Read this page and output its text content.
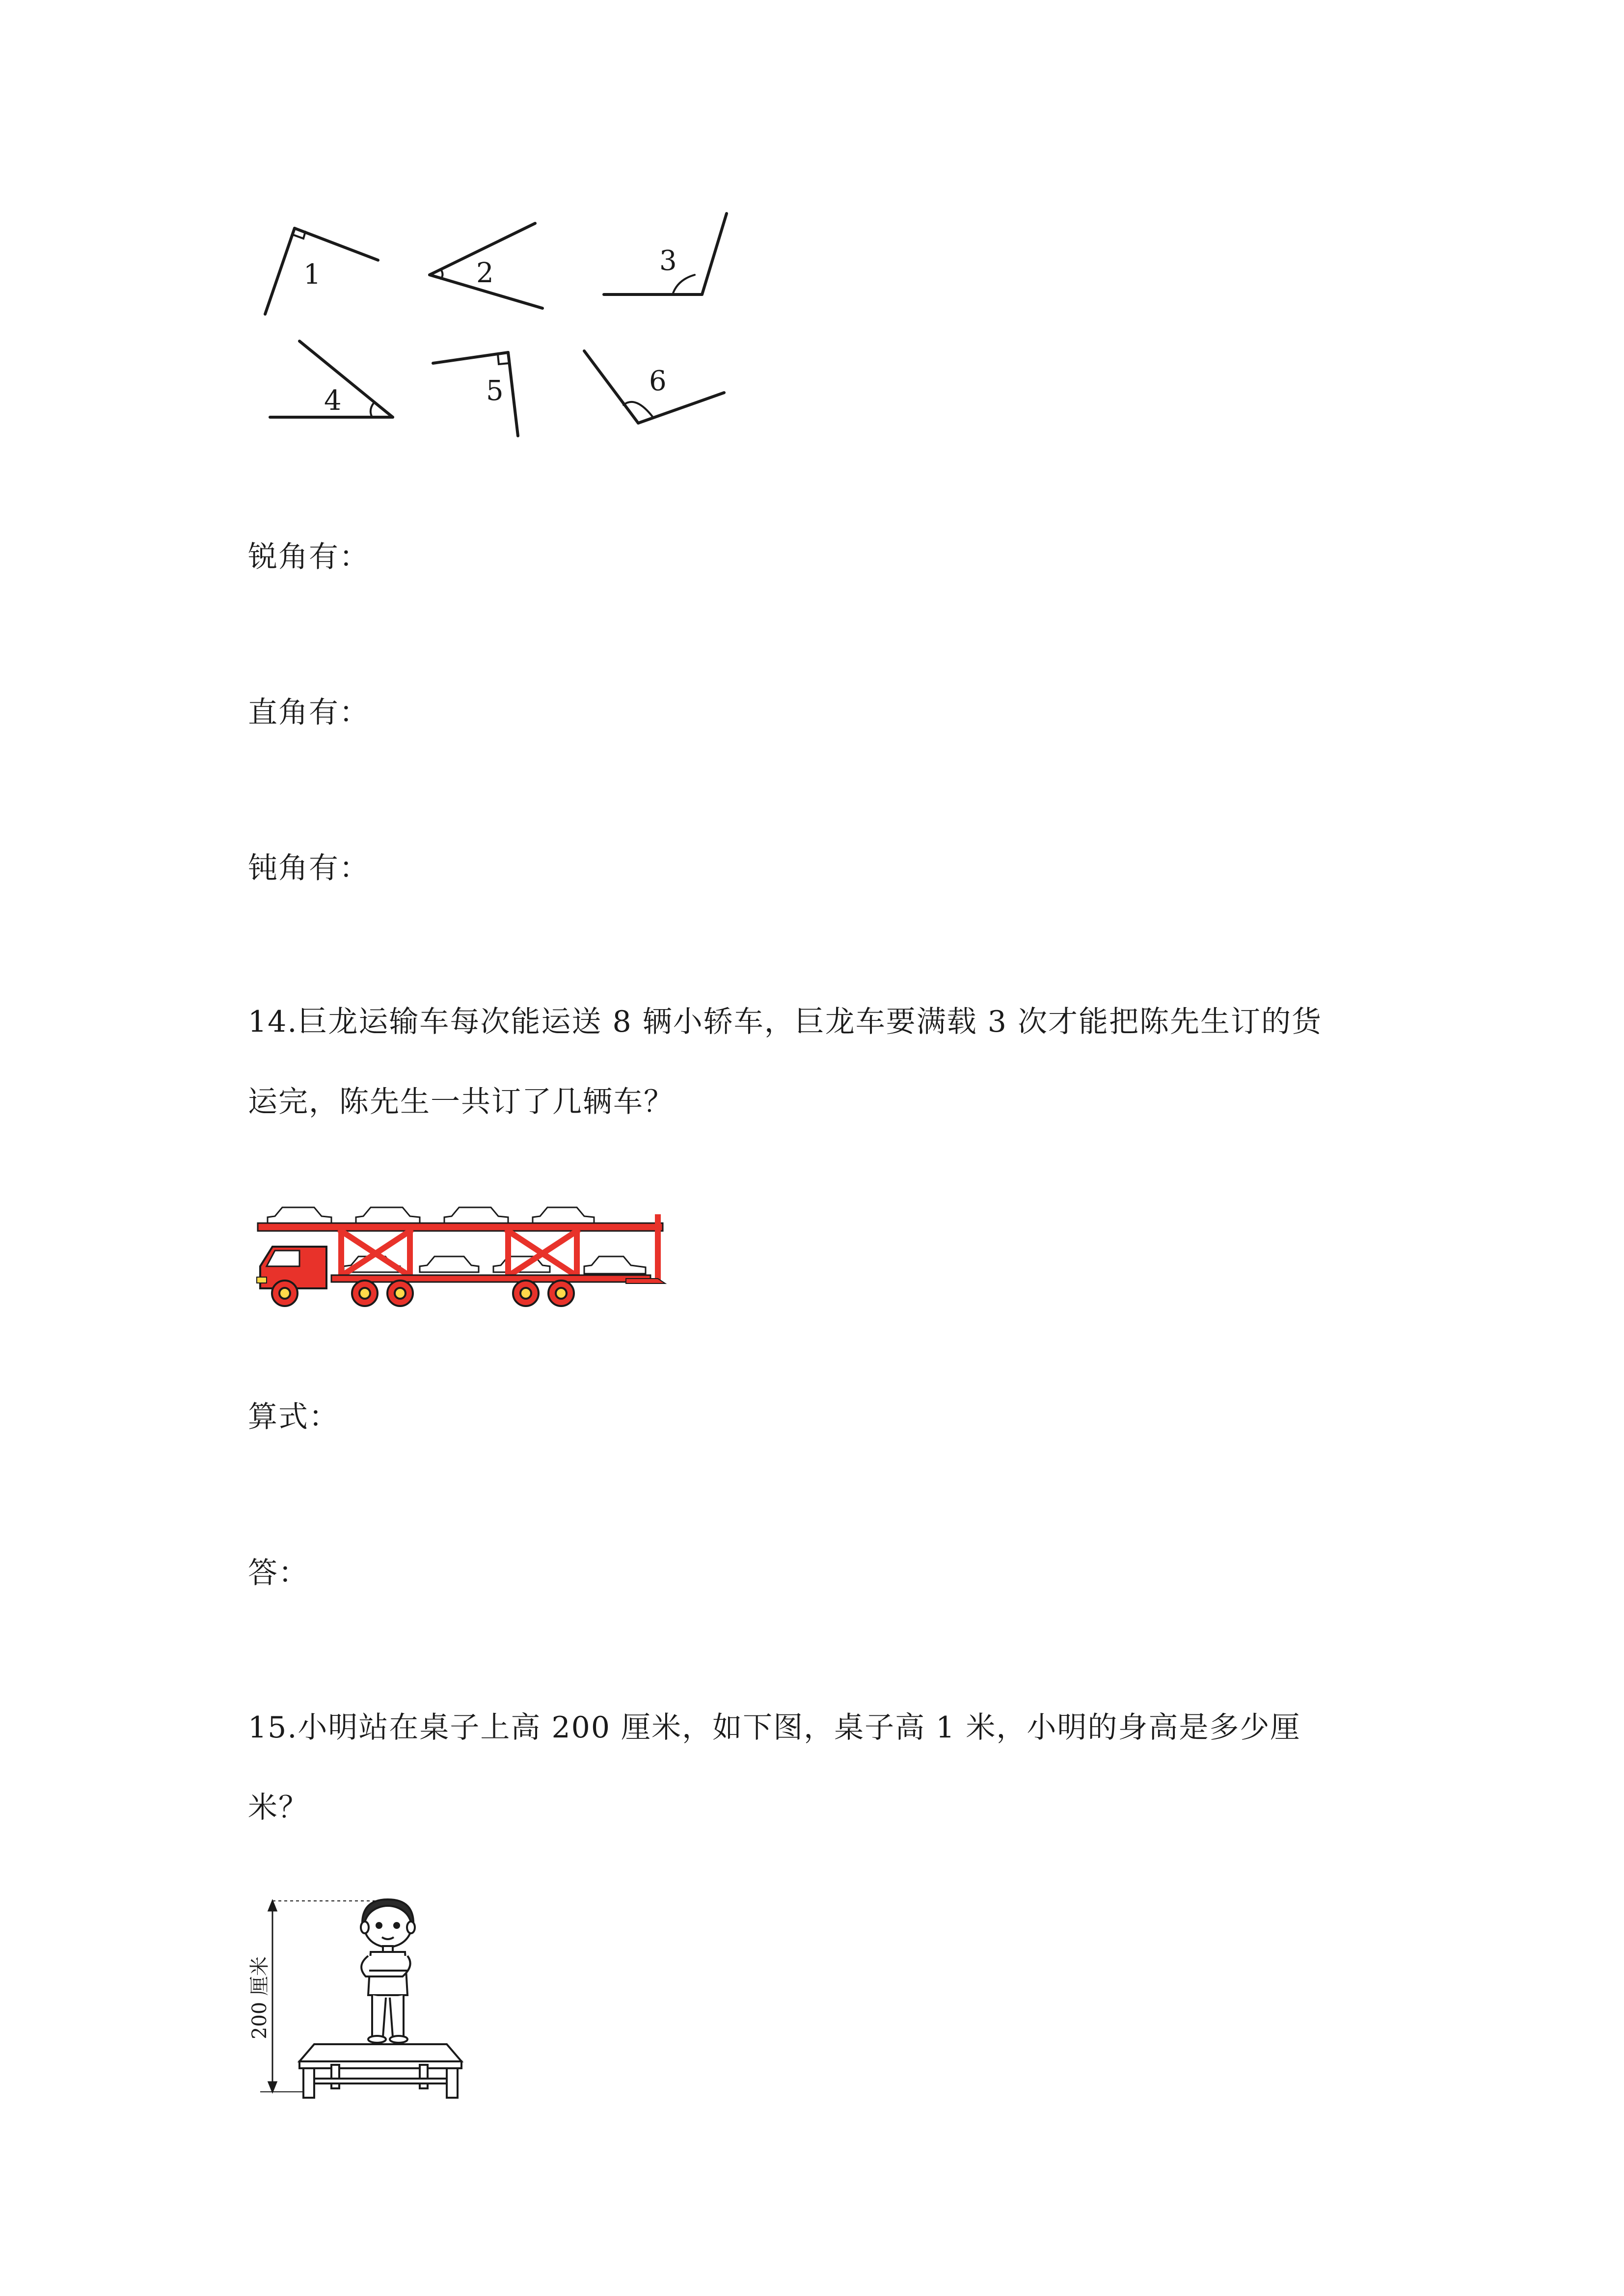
1	2	3
4	5	6
锐角有：
直角有：
钝角有：
14.巨龙运输车每次能运送 8 辆小轿车，巨龙车要满载 3 次才能把陈先生订的货
运完，陈先生一共订了几辆车？
算式：
答：
15.小明站在桌子上高 200 厘米，如下图，桌子高 1 米，小明的身高是多少厘
米？
200 厘米
